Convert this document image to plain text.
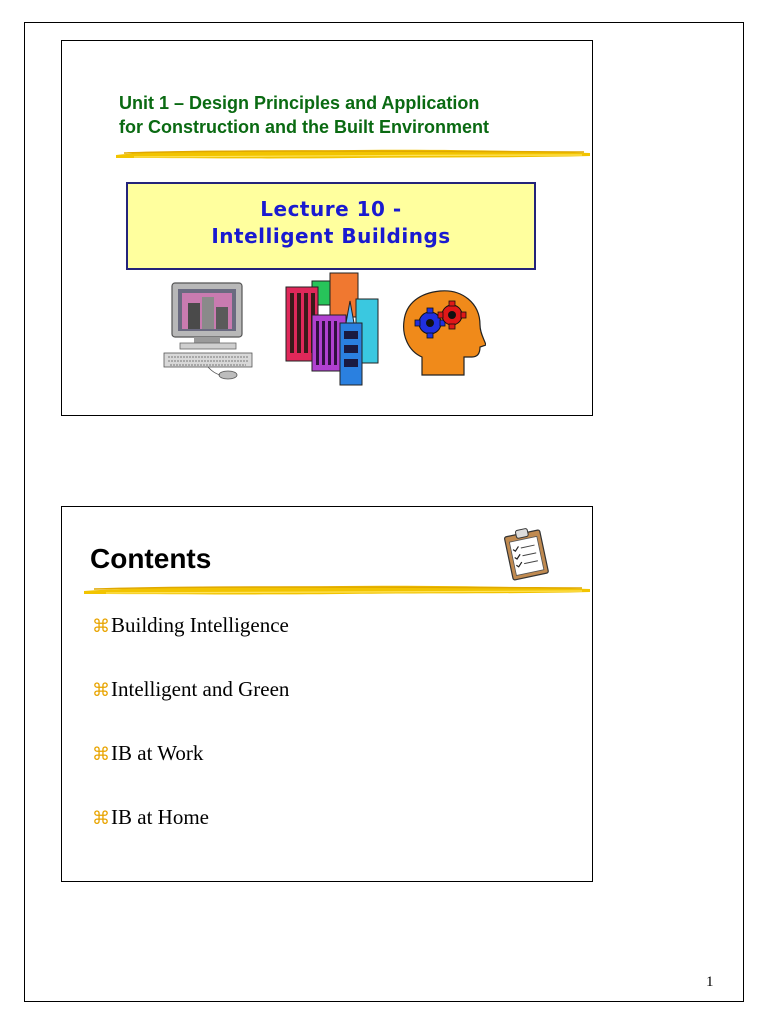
Unit 1 – Design Principles and Application
for Construction and the Built Environment
Lecture 10 -
Intelligent Buildings
Contents
⌘Building Intelligence
⌘Intelligent and Green
⌘IB at Work
⌘IB at Home
1
